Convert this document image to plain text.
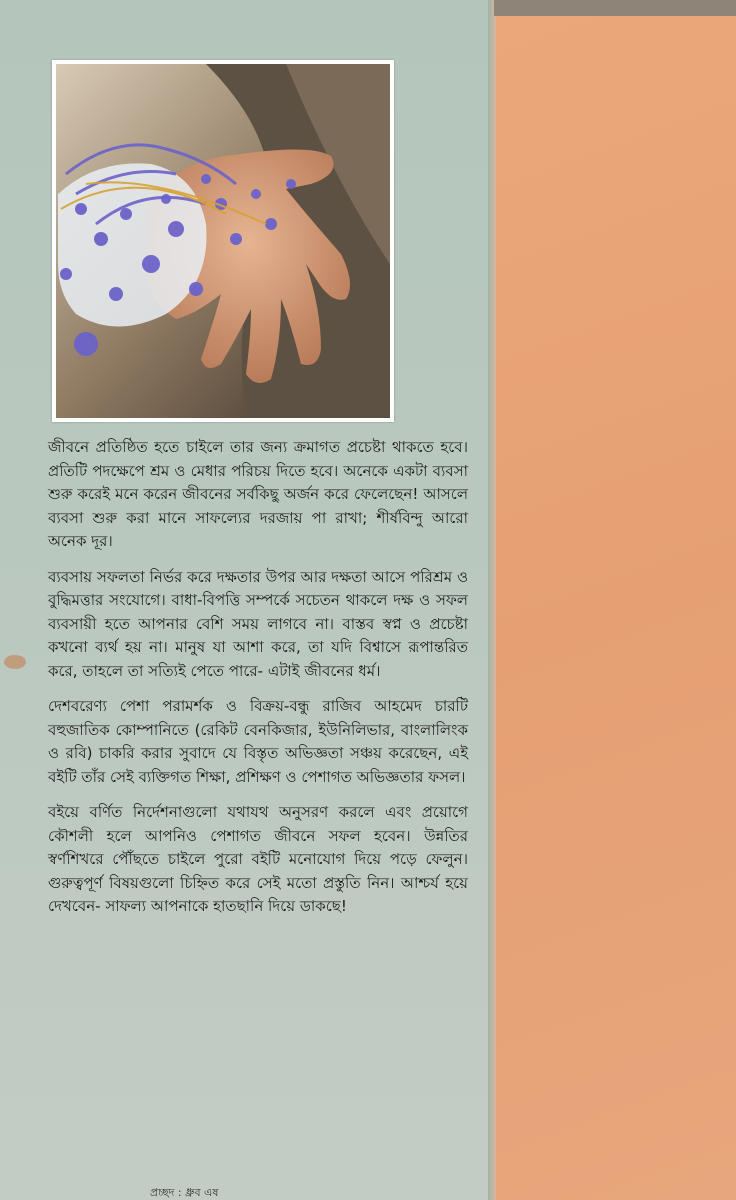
জীবনে প্রতিষ্ঠিত হতে চাইলে তার জন্য ক্রমাগত প্রচেষ্টা থাকতে হবে। প্রতিটি পদক্ষেপে শ্রম ও মেধার পরিচয় দিতে হবে। অনেকে একটা ব্যবসা শুরু করেই মনে করেন জীবনের সর্বকিছু অর্জন করে ফেলেছেন! আসলে ব্যবসা শুরু করা মানে সাফল্যের দরজায় পা রাখা; শীর্ষবিন্দু আরো অনেক দূর।

ব্যবসায় সফলতা নির্ভর করে দক্ষতার উপর আর দক্ষতা আসে পরিশ্রম ও বুদ্ধিমত্তার সংযোগে। বাধা-বিপত্তি সম্পর্কে সচেতন থাকলে দক্ষ ও সফল ব্যবসায়ী হতে আপনার বেশি সময় লাগবে না। বাস্তব স্বপ্ন ও প্রচেষ্টা কখনো ব্যর্থ হয় না। মানুষ যা আশা করে, তা যদি বিশ্বাসে রূপান্তরিত করে, তাহলে তা সত্যিই পেতে পারে- এটাই জীবনের ধর্ম।

দেশবরেণ্য পেশা পরামর্শক ও বিক্রয়-বন্ধু রাজিব আহমেদ চারটি বহুজাতিক কোম্পানিতে (রেকিট বেনকিজার, ইউনিলিভার, বাংলালিংক ও রবি) চাকরি করার সুবাদে যে বিস্তৃত অভিজ্ঞতা সঞ্চয় করেছেন, এই বইটি তাঁর সেই ব্যক্তিগত শিক্ষা, প্রশিক্ষণ ও পেশাগত অভিজ্ঞতার ফসল।

বইয়ে বর্ণিত নির্দেশনাগুলো যথাযথ অনুসরণ করলে এবং প্রয়োগে কৌশলী হলে আপনিও পেশাগত জীবনে সফল হবেন। উন্নতির স্বর্ণশিখরে পৌঁছতে চাইলে পুরো বইটি মনোযোগ দিয়ে পড়ে ফেলুন। গুরুত্বপূর্ণ বিষয়গুলো চিহ্নিত করে সেই মতো প্রস্তুতি নিন। আশ্চর্য হয়ে দেখবেন- সাফল্য আপনাকে হাতছানি দিয়ে ডাকছে!

প্রচ্ছদ : ধ্রুব এষ
